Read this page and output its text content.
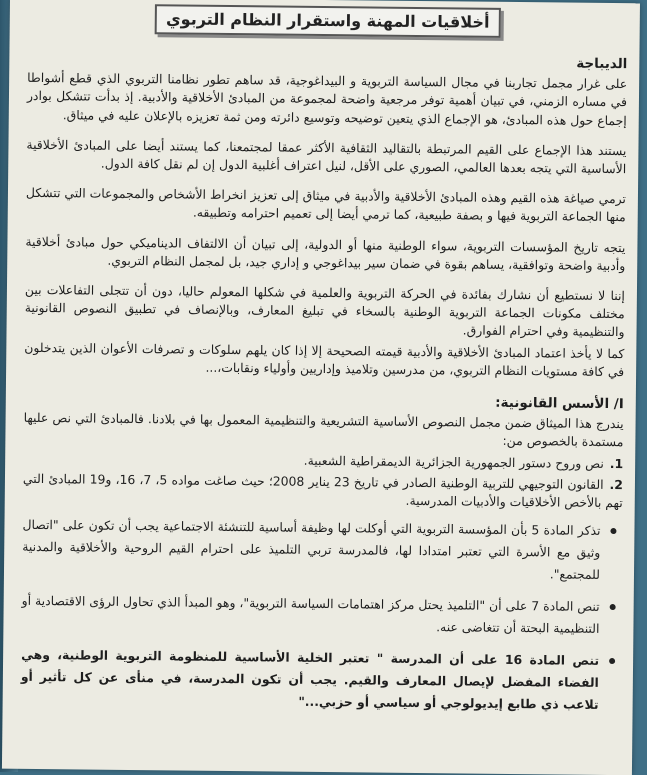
أخلاقيات المهنة واستقرار النظام التربوي
الديباجة

على غرار مجمل تجاربنا في مجال السياسة التربوية و البيداغوجية، قد ساهم تطور نظامنا التربوي الذي قطع أشواطا في مساره الزمني، في تبيان أهمية توفر مرجعية واضحة لمجموعة من المبادئ الأخلاقية والأدبية. إذ بدأت تتشكل بوادر إجماع حول هذه المبادئ، هو الإجماع الذي يتعين توضيحه وتوسيع دائرته ومن ثمة تعزيزه بالإعلان عليه في ميثاق.

يستند هذا الإجماع على القيم المرتبطة بالتقاليد الثقافية الأكثر عمقا لمجتمعنا، كما يستند أيضا على المبادئ الأخلاقية الأساسية التي يتجه بعدها العالمي، الصوري على الأقل، لنيل اعتراف أغلبية الدول إن لم نقل كافة الدول.

ترمي صياغة هذه القيم وهذه المبادئ الأخلاقية والأدبية في ميثاق إلى تعزيز انخراط الأشخاص والمجموعات التي تتشكل منها الجماعة التربوية فيها و بصفة طبيعية، كما ترمي أيضا إلى تعميم احترامه وتطبيقه.

يتجه تاريخ المؤسسات التربوية، سواء الوطنية منها أو الدولية، إلى تبيان أن الالتفاف الديناميكي حول مبادئ أخلاقية وأدبية واضحة وتوافقية، يساهم بقوة في ضمان سير بيداغوجي و إداري جيد، بل لمجمل النظام التربوي.

إننا لا نستطيع أن نشارك بفائدة في الحركة التربوية والعلمية في شكلها المعولم حاليا، دون أن تتجلى التفاعلات بين مختلف مكونات الجماعة التربوية الوطنية بالسخاء في تبليغ المعارف، وبالإنصاف في تطبيق النصوص القانونية والتنظيمية وفي احترام الفوارق.

كما لا يأخذ اعتماد المبادئ الأخلاقية والأدبية قيمته الصحيحة إلا إذا كان يلهم سلوكات و تصرفات الأعوان الذين يتدخلون في كافة مستويات النظام التربوي، من مدرسين وتلاميذ وإداريين وأولياء ونقابات،...

I/ الأسس القانونية:

يندرج هذا الميثاق ضمن مجمل النصوص الأساسية التشريعية والتنظيمية المعمول بها في بلادنا. فالمبادئ التي نص عليها مستمدة بالخصوص من:

1.نص وروح دستور الجمهورية الجزائرية الديمقراطية الشعبية.
2.القانون التوجيهي للتربية الوطنية الصادر في تاريخ 23 يناير 2008؛ حيث صاغت مواده 5، 7، 16، و19 المبادئ التي تهم بالأخص الأخلاقيات والأدبيات المدرسية.
تذكر المادة 5 بأن المؤسسة التربوية التي أوكلت لها وظيفة أساسية للتنشئة الاجتماعية يجب أن تكون على "اتصال وثيق مع الأسرة التي تعتبر امتدادا لها، فالمدرسة تربي التلميذ على احترام القيم الروحية والأخلاقية والمدنية للمجتمع".
تنص المادة 7 على أن "التلميذ يحتل مركز اهتمامات السياسة التربوية"، وهو المبدأ الذي تحاول الرؤى الاقتصادية أو التنظيمية البحتة أن تتغاضى عنه.
تنص المادة 16 على أن المدرسة " تعتبر الخلية الأساسية للمنظومة التربوية الوطنية، وهي الفضاء المفضل لإيصال المعارف والقيم. يجب أن تكون المدرسة، في منأى عن كل تأثير أو تلاعب ذي طابع إيديولوجي أو سياسي أو حزبي..."
